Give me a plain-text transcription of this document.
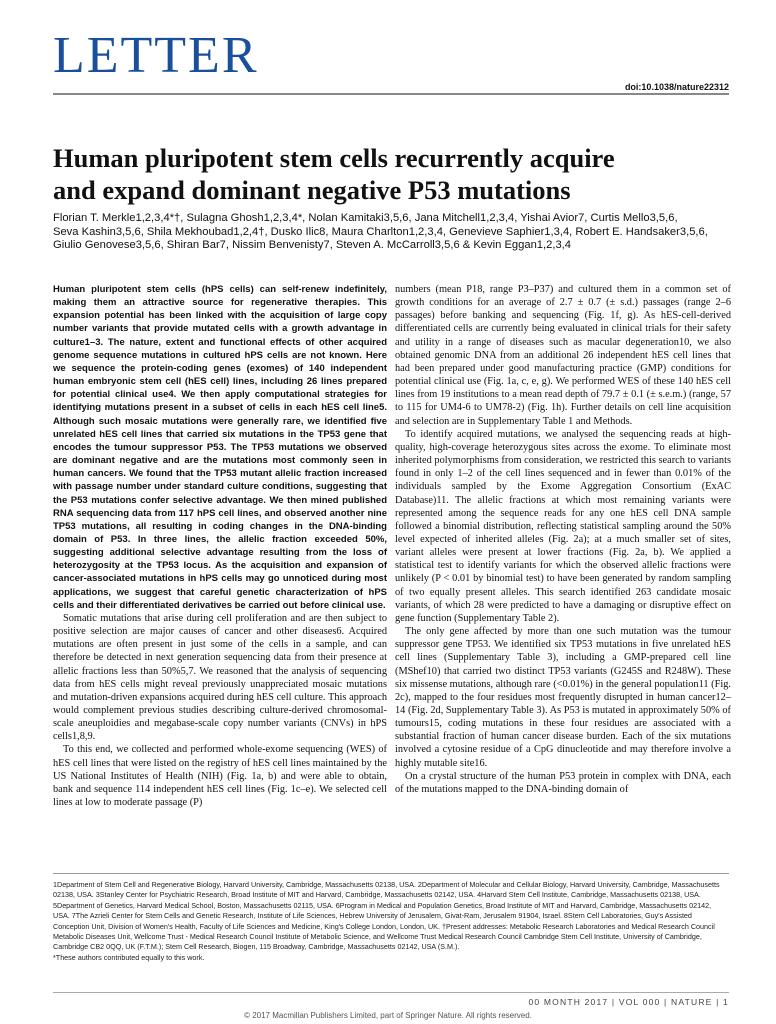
LETTER
doi:10.1038/nature22312
Human pluripotent stem cells recurrently acquire
and expand dominant negative P53 mutations
Florian T. Merkle1,2,3,4*†, Sulagna Ghosh1,2,3,4*, Nolan Kamitaki3,5,6, Jana Mitchell1,2,3,4, Yishai Avior7, Curtis Mello3,5,6,
Seva Kashin3,5,6, Shila Mekhoubad1,2,4†, Dusko Ilic8, Maura Charlton1,2,3,4, Genevieve Saphier1,3,4, Robert E. Handsaker3,5,6,
Giulio Genovese3,5,6, Shiran Bar7, Nissim Benvenisty7, Steven A. McCarroll3,5,6 & Kevin Eggan1,2,3,4

Human pluripotent stem cells (hPS cells) can self-renew indefinitely, making them an attractive source for regenerative therapies. This expansion potential has been linked with the acquisition of large copy number variants that provide mutated cells with a growth advantage in culture1–3. The nature, extent and functional effects of other acquired genome sequence mutations in cultured hPS cells are not known. Here we sequence the protein-coding genes (exomes) of 140 independent human embryonic stem cell (hES cell) lines, including 26 lines prepared for potential clinical use4. We then apply computational strategies for identifying mutations present in a subset of cells in each hES cell line5. Although such mosaic mutations were generally rare, we identified five unrelated hES cell lines that carried six mutations in the TP53 gene that encodes the tumour suppressor P53. The TP53 mutations we observed are dominant negative and are the mutations most commonly seen in human cancers. We found that the TP53 mutant allelic fraction increased with passage number under standard culture conditions, suggesting that the P53 mutations confer selective advantage. We then mined published RNA sequencing data from 117 hPS cell lines, and observed another nine TP53 mutations, all resulting in coding changes in the DNA-binding domain of P53. In three lines, the allelic fraction exceeded 50%, suggesting additional selective advantage resulting from the loss of heterozygosity at the TP53 locus. As the acquisition and expansion of cancer-associated mutations in hPS cells may go unnoticed during most applications, we suggest that careful genetic characterization of hPS cells and their differentiated derivatives be carried out before clinical use.

Somatic mutations that arise during cell proliferation and are then subject to positive selection are major causes of cancer and other diseases6. Acquired mutations are often present in just some of the cells in a sample, and can therefore be detected in next generation sequencing data from their presence at allelic fractions less than 50%5,7. We reasoned that the analysis of sequencing data from hES cells might reveal previously unappreciated mosaic mutations and mutation-driven expansions acquired during hES cell culture. This approach would complement previous studies describing culture-derived chromosomal-scale aneuploidies and megabase-scale copy number variants (CNVs) in hPS cells1,8,9.

To this end, we collected and performed whole-exome sequencing (WES) of hES cell lines that were listed on the registry of hES cell lines maintained by the US National Institutes of Health (NIH) (Fig. 1a, b) and were able to obtain, bank and sequence 114 independent hES cell lines (Fig. 1c–e). We selected cell lines at low to moderate passage (P)

numbers (mean P18, range P3–P37) and cultured them in a common set of growth conditions for an average of 2.7 ± 0.7 (± s.d.) passages (range 2–6 passages) before banking and sequencing (Fig. 1f, g). As hES-cell-derived differentiated cells are currently being evaluated in clinical trials for their safety and utility in a range of diseases such as macular degeneration10, we also obtained genomic DNA from an additional 26 independent hES cell lines that had been prepared under good manufacturing practice (GMP) conditions for potential clinical use (Fig. 1a, c, e, g). We performed WES of these 140 hES cell lines from 19 institutions to a mean read depth of 79.7 ± 0.1 (± s.e.m.) (range, 57 to 115 for UM4-6 to UM78-2) (Fig. 1h). Further details on cell line acquisition and selection are in Supplementary Table 1 and Methods.

To identify acquired mutations, we analysed the sequencing reads at high-quality, high-coverage heterozygous sites across the exome. To eliminate most inherited polymorphisms from consideration, we restricted this search to variants found in only 1–2 of the cell lines sequenced and in fewer than 0.01% of the individuals sampled by the Exome Aggregation Consortium (ExAC Database)11. The allelic fractions at which most remaining variants were represented among the sequence reads for any one hES cell DNA sample followed a binomial distribution, reflecting statistical sampling around the 50% level expected of inherited alleles (Fig. 2a); at a much smaller set of sites, variant alleles were present at lower fractions (Fig. 2a, b). We applied a statistical test to identify variants for which the observed allelic fractions were unlikely (P < 0.01 by binomial test) to have been generated by random sampling of two equally present alleles. This search identified 263 candidate mosaic variants, of which 28 were predicted to have a damaging or disruptive effect on gene function (Supplementary Table 2).

The only gene affected by more than one such mutation was the tumour suppressor gene TP53. We identified six TP53 mutations in five unrelated hES cell lines (Supplementary Table 3), including a GMP-prepared cell line (MShef10) that carried two distinct TP53 variants (G245S and R248W). These six missense mutations, although rare (<0.01%) in the general population11 (Fig. 2c), mapped to the four residues most frequently disrupted in human cancer12–14 (Fig. 2d, Supplementary Table 3). As P53 is mutated in approximately 50% of tumours15, coding mutations in these four residues are associated with a substantial fraction of human cancer disease burden. Each of the six mutations involved a cytosine residue of a CpG dinucleotide and may therefore involve a highly mutable site16.

On a crystal structure of the human P53 protein in complex with DNA, each of the mutations mapped to the DNA-binding domain of

1Department of Stem Cell and Regenerative Biology, Harvard University, Cambridge, Massachusetts 02138, USA. 2Department of Molecular and Cellular Biology, Harvard University, Cambridge, Massachusetts 02138, USA. 3Stanley Center for Psychiatric Research, Broad Institute of MIT and Harvard, Cambridge, Massachusetts 02142, USA. 4Harvard Stem Cell Institute, Cambridge, Massachusetts 02138, USA. 5Department of Genetics, Harvard Medical School, Boston, Massachusetts 02115, USA. 6Program in Medical and Population Genetics, Broad Institute of MIT and Harvard, Cambridge, Massachusetts 02142, USA. 7The Azrieli Center for Stem Cells and Genetic Research, Institute of Life Sciences, Hebrew University of Jerusalem, Givat-Ram, Jerusalem 91904, Israel. 8Stem Cell Laboratories, Guy's Assisted Conception Unit, Division of Women's Health, Faculty of Life Sciences and Medicine, King's College London, London, UK. †Present addresses: Metabolic Research Laboratories and Medical Research Council Metabolic Diseases Unit, Wellcome Trust - Medical Research Council Institute of Metabolic Science, and Wellcome Trust Medical Research Council Cambridge Stem Cell Institute, University of Cambridge, Cambridge CB2 0QQ, UK (F.T.M.); Stem Cell Research, Biogen, 115 Broadway, Cambridge, Massachusetts 02142, USA (S.M.).
*These authors contributed equally to this work.
00 MONTH 2017 | VOL 000 | NATURE | 1
© 2017 Macmillan Publishers Limited, part of Springer Nature. All rights reserved.
